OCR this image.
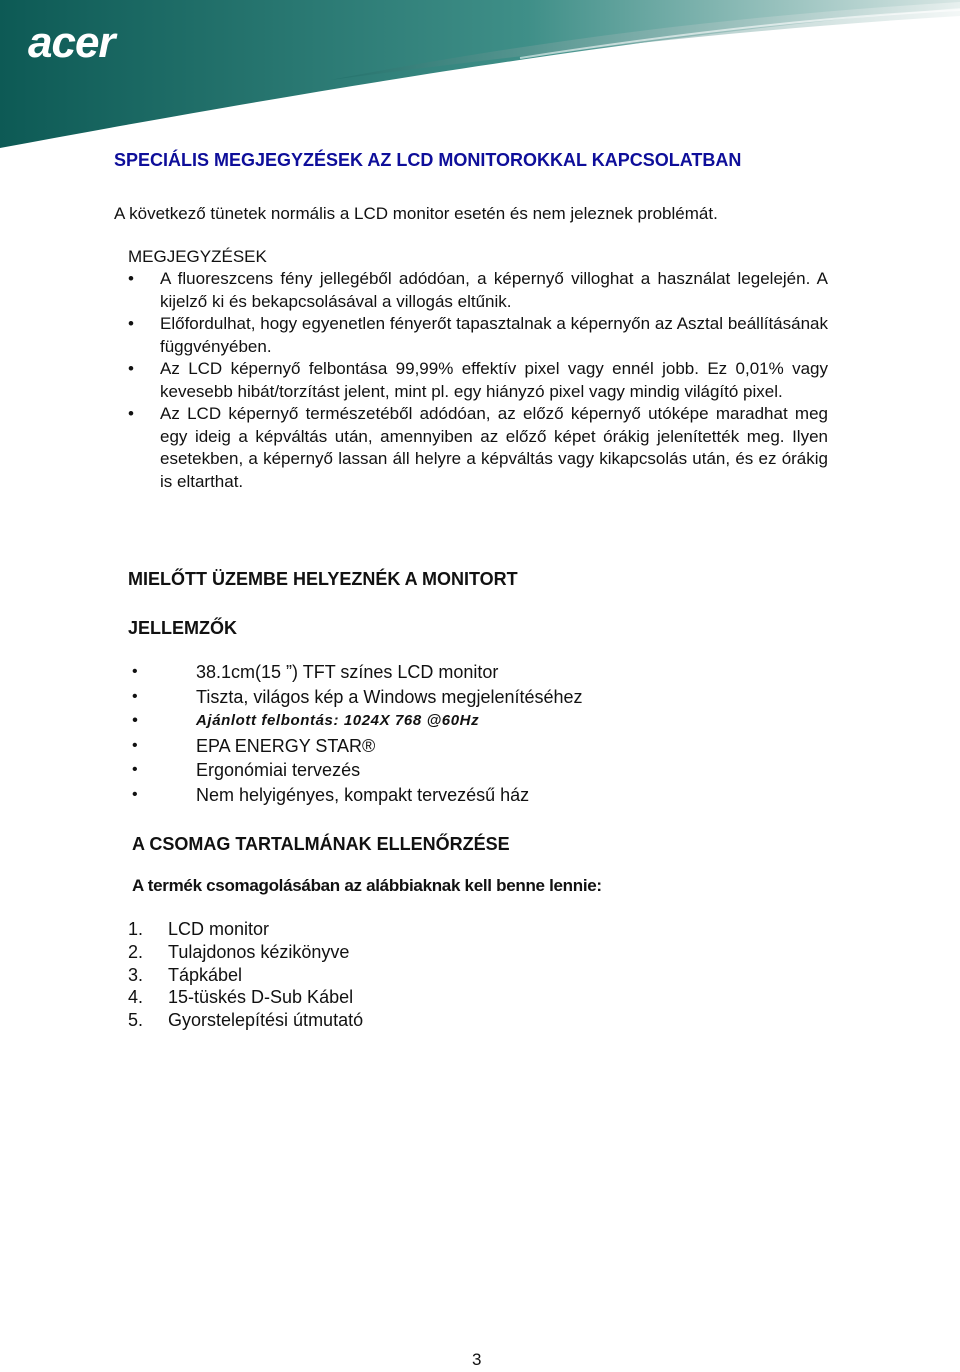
acer
SPECIÁLIS MEGJEGYZÉSEK AZ LCD MONITOROKKAL KAPCSOLATBAN

A következő tünetek normális a LCD monitor esetén és nem jeleznek problémát.

MEGJEGYZÉSEK

• A fluoreszcens fény jellegéből adódóan, a képernyő villoghat a használat legelején. A kijelző ki és bekapcsolásával a villogás eltűnik.
• Előfordulhat, hogy egyenetlen fényerőt tapasztalnak a képernyőn az Asztal beállításának függvényében.
• Az LCD képernyő felbontása 99,99% effektív pixel vagy ennél jobb. Ez 0,01% vagy kevesebb hibát/torzítást jelent, mint pl. egy hiányzó pixel vagy mindig világító pixel.
• Az LCD képernyő természetéből adódóan, az előző képernyő utóképe maradhat meg egy ideig a képváltás után, amennyiben az előző képet órákig jelenítették meg. Ilyen esetekben, a képernyő lassan áll helyre a képváltás vagy kikapcsolás után, és ez órákig is eltarthat.
MIELŐTT ÜZEMBE HELYEZNÉK A MONITORT
JELLEMZŐK
•	38.1cm(15 ”) TFT színes LCD monitor
•	Tiszta, világos kép a Windows megjelenítéséhez
•	Ajánlott felbontás: 1024X 768 @60Hz
•	EPA ENERGY STAR®
•	Ergonómiai tervezés
•	Nem helyigényes, kompakt tervezésű ház
A CSOMAG TARTALMÁNAK ELLENŐRZÉSE

A termék csomagolásában az alábbiaknak kell benne lennie:

1. LCD monitor
2. Tulajdonos kézikönyve
3. Tápkábel
4. 15-tüskés D-Sub Kábel
5. Gyorstelepítési útmutató
3
